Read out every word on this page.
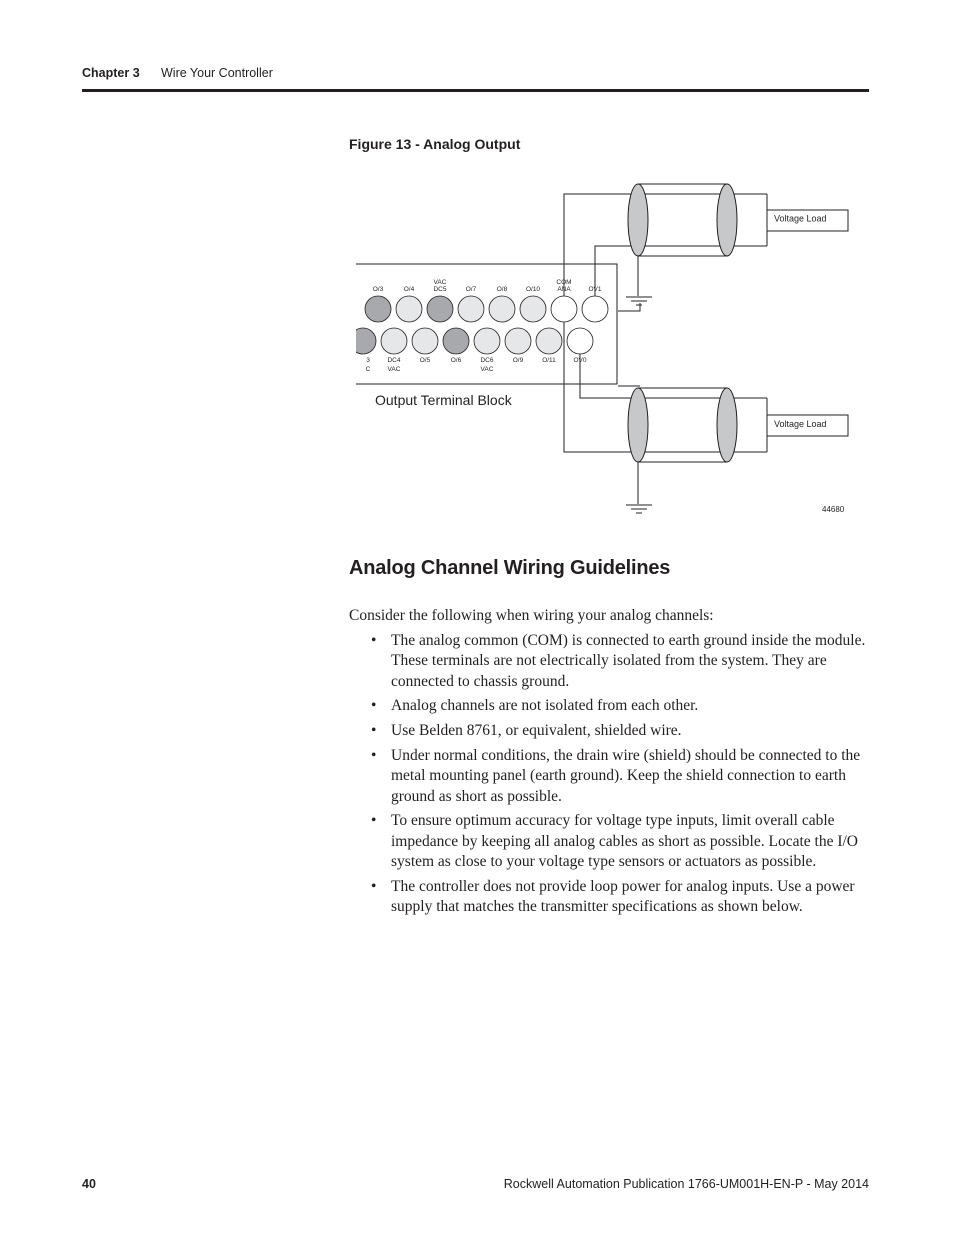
Chapter 3 Wire Your Controller
Figure 13 - Analog Output
O/3	O/4
VAC
DC5	O/7	O/8	O/10
COM
ANA	OV1
3
C
DC4
VAC
O/5	O/6	DC6
VAC
O/9	O/11	OV0
Output Terminal Block
Voltage Load
Voltage Load
44680
Analog Channel Wiring Guidelines
Consider the following when wiring your analog channels:
• The analog common (COM) is connected to earth ground inside the module. These terminals are not electrically isolated from the system. They are connected to chassis ground.
• Analog channels are not isolated from each other.
• Use Belden 8761, or equivalent, shielded wire.
• Under normal conditions, the drain wire (shield) should be connected to the metal mounting panel (earth ground). Keep the shield connection to earth ground as short as possible.
• To ensure optimum accuracy for voltage type inputs, limit overall cable impedance by keeping all analog cables as short as possible. Locate the I/O system as close to your voltage type sensors or actuators as possible.
• The controller does not provide loop power for analog inputs. Use a power supply that matches the transmitter specifications as shown below.
40	Rockwell Automation Publication 1766-UM001H-EN-P - May 2014
